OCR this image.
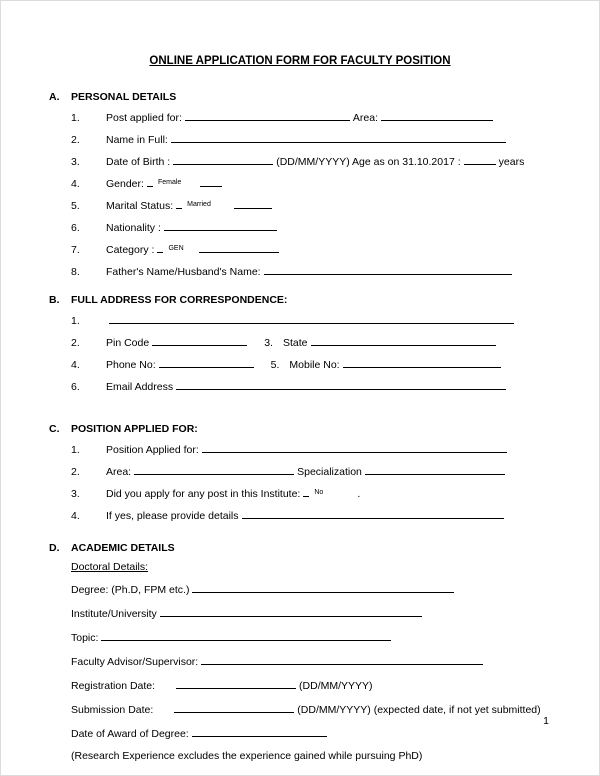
ONLINE APPLICATION FORM FOR FACULTY POSITION
A. PERSONAL DETAILS
1. Post applied for:	Area:
2. Name in Full:
3. Date of Birth :	(DD/MM/YYYY) Age as on 31.10.2017 :	years
4. Gender: $^{Female}$
5. Marital Status: $^{Married}$
6. Nationality :
7. Category : $^{GEN}$
8. Father's Name/Husband's Name:
B. FULL ADDRESS FOR CORRESPONDENCE:
1.
2. Pin Code	3. State
4. Phone No:	5. Mobile No:
6. Email Address
C. POSITION APPLIED FOR:
1. Position Applied for:
2. Area:	Specialization
3. Did you apply for any post in this Institute: $^{No}$	.
4. If yes, please provide details
D. ACADEMIC DETAILS
Doctoral Details:
Degree: (Ph.D, FPM etc.)
Institute/University
Topic:
Faculty Advisor/Supervisor:
Registration Date:	(DD/MM/YYYY)
Submission Date:	(DD/MM/YYYY) (expected date, if not yet submitted)
Date of Award of Degree:
(Research Experience excludes the experience gained while pursuing PhD)
1
